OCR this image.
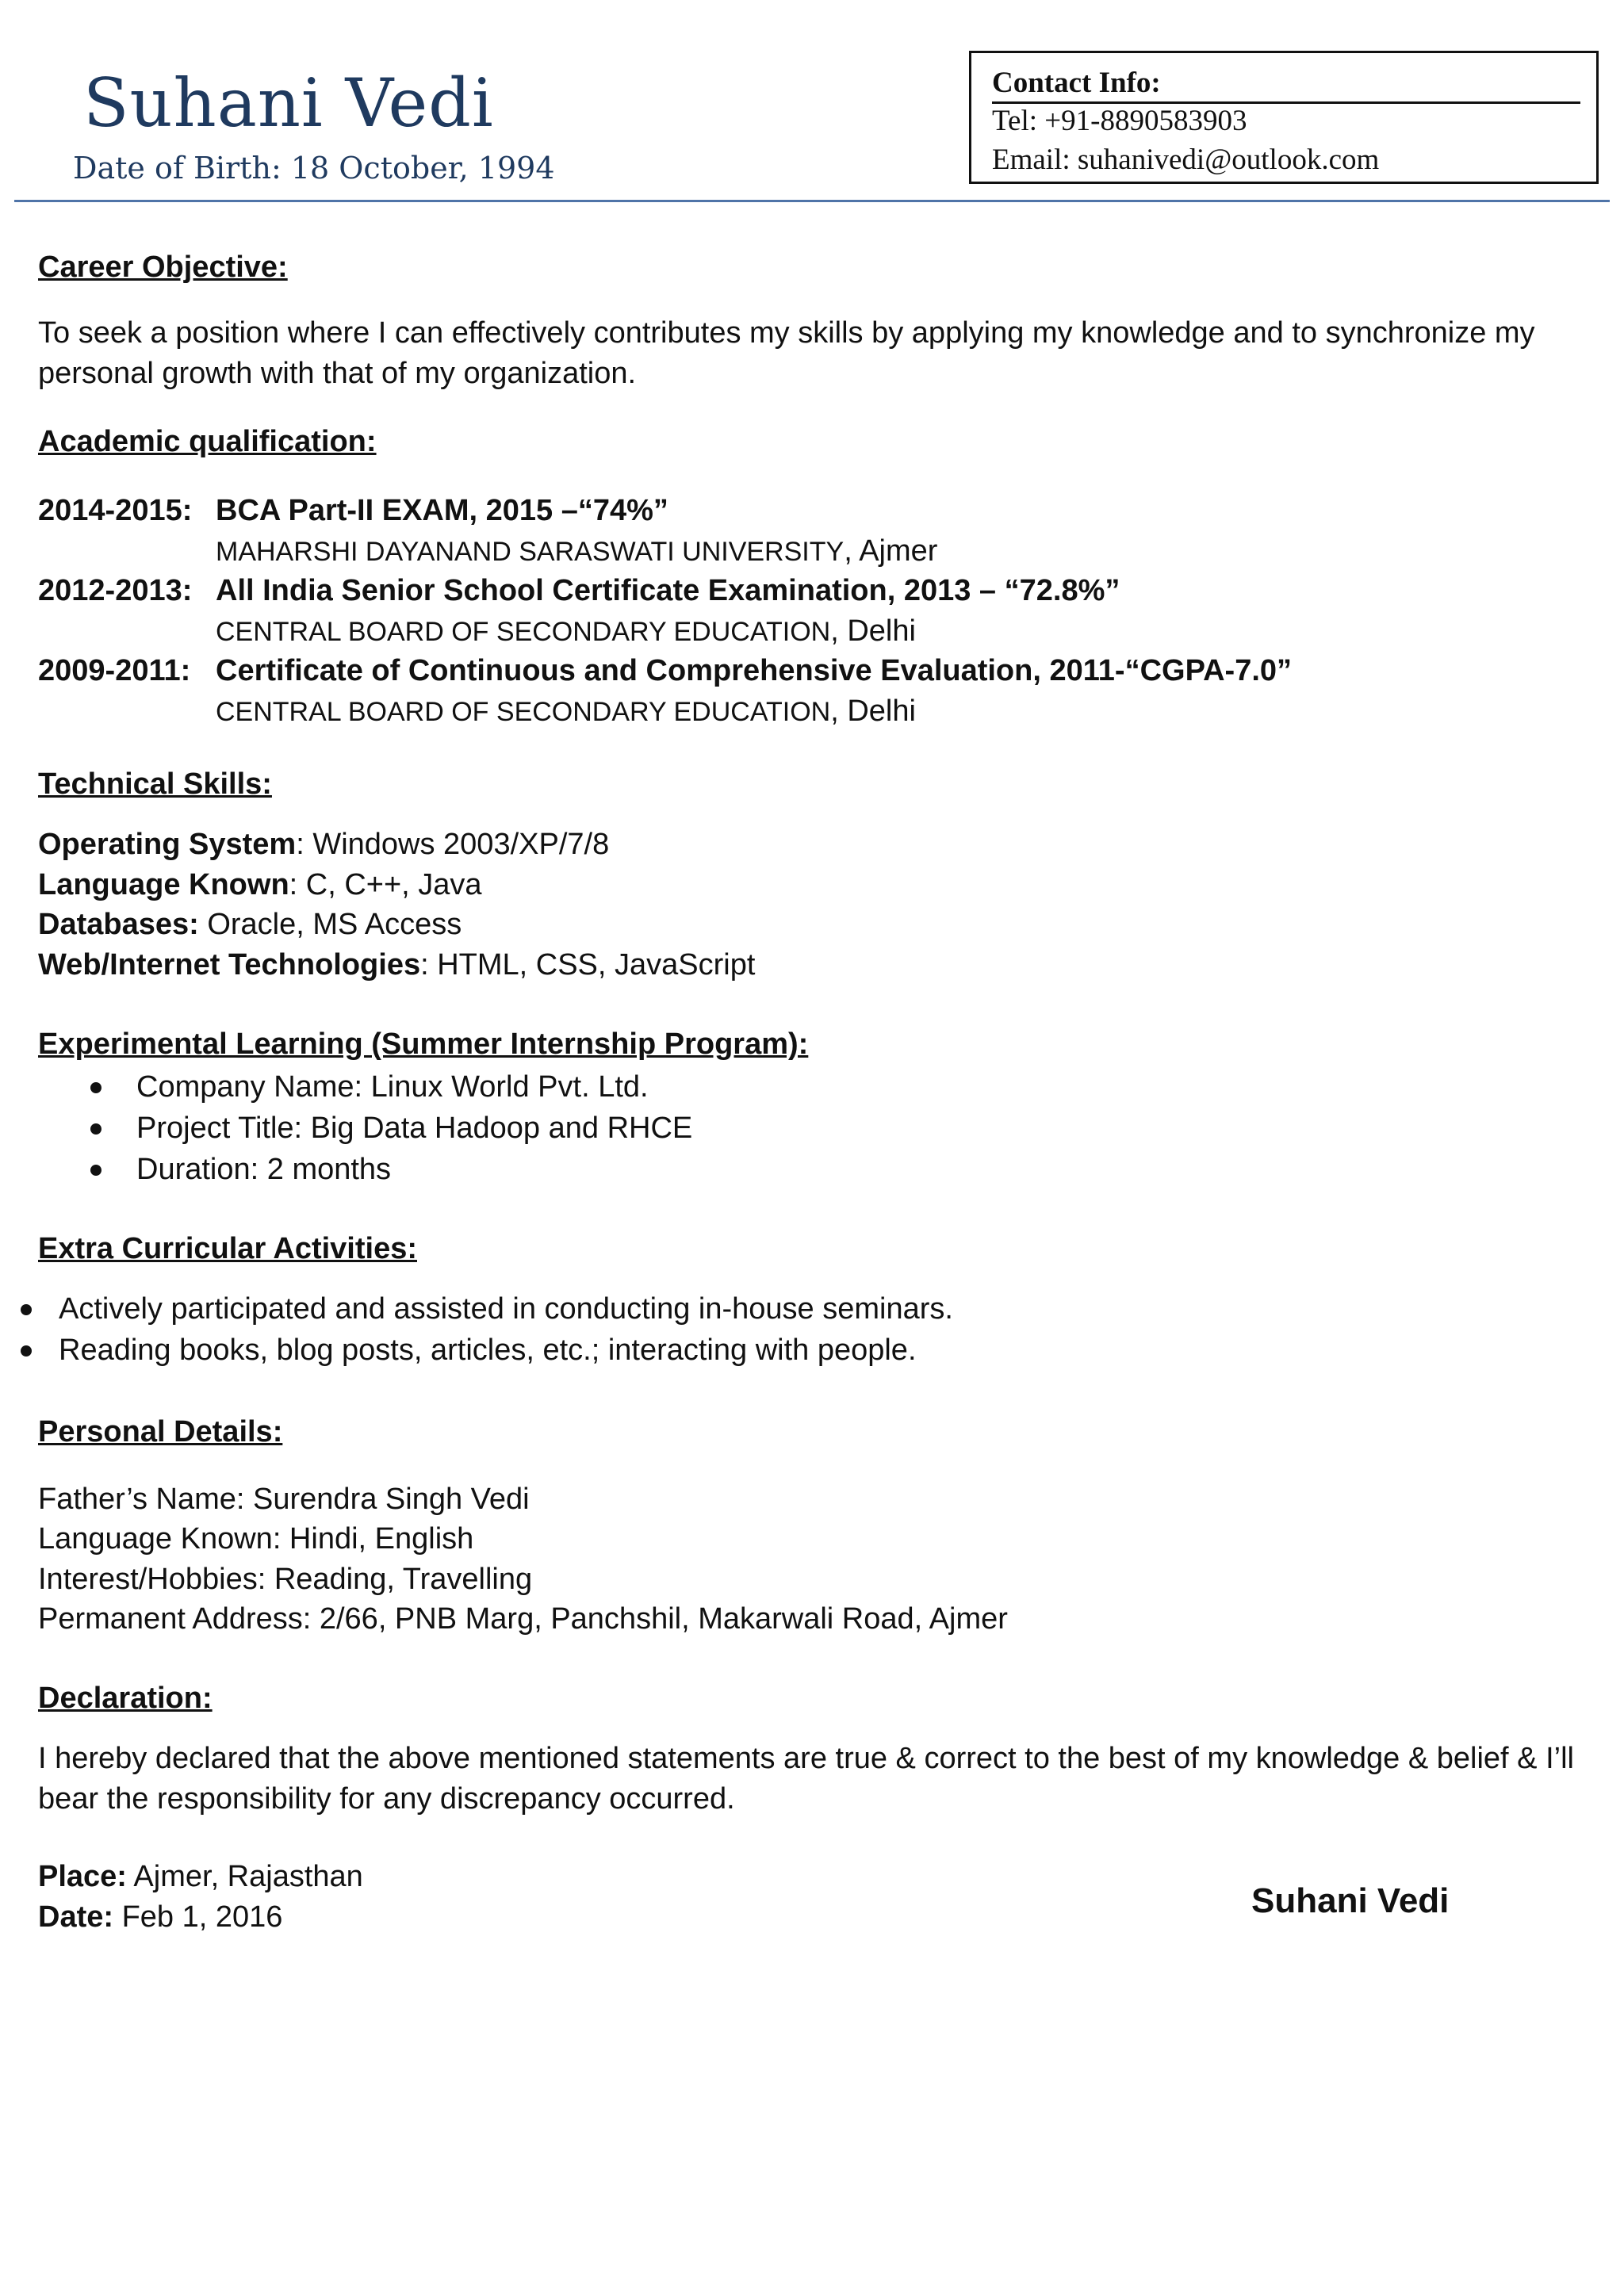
Suhani Vedi
Date of Birth: 18 October, 1994
Contact Info:
Tel: +91-8890583903
Email: suhanivedi@outlook.com
Career Objective:
To seek a position where I can effectively contributes my skills by applying my knowledge and to synchronize my personal growth with that of my organization.
Academic qualification:
2014-2015: BCA Part-II EXAM, 2015 –“74%”
MAHARSHI DAYANAND SARASWATI UNIVERSITY, Ajmer
2012-2013: All India Senior School Certificate Examination, 2013 – “72.8%”
CENTRAL BOARD OF SECONDARY EDUCATION, Delhi
2009-2011: Certificate of Continuous and Comprehensive Evaluation, 2011-“CGPA-7.0”
CENTRAL BOARD OF SECONDARY EDUCATION, Delhi
Technical Skills:
Operating System: Windows 2003/XP/7/8
Language Known: C, C++, Java
Databases: Oracle, MS Access
Web/Internet Technologies: HTML, CSS, JavaScript
Experimental Learning (Summer Internship Program):
Company Name: Linux World Pvt. Ltd.
Project Title: Big Data Hadoop and RHCE
Duration: 2 months
Extra Curricular Activities:
Actively participated and assisted in conducting in-house seminars.
Reading books, blog posts, articles, etc.; interacting with people.
Personal Details:
Father’s Name: Surendra Singh Vedi
Language Known: Hindi, English
Interest/Hobbies: Reading, Travelling
Permanent Address: 2/66, PNB Marg, Panchshil, Makarwali Road, Ajmer
Declaration:
I hereby declared that the above mentioned statements are true & correct to the best of my knowledge & belief & I’ll bear the responsibility for any discrepancy occurred.
Place: Ajmer, Rajasthan
Date: Feb 1, 2016	Suhani Vedi
